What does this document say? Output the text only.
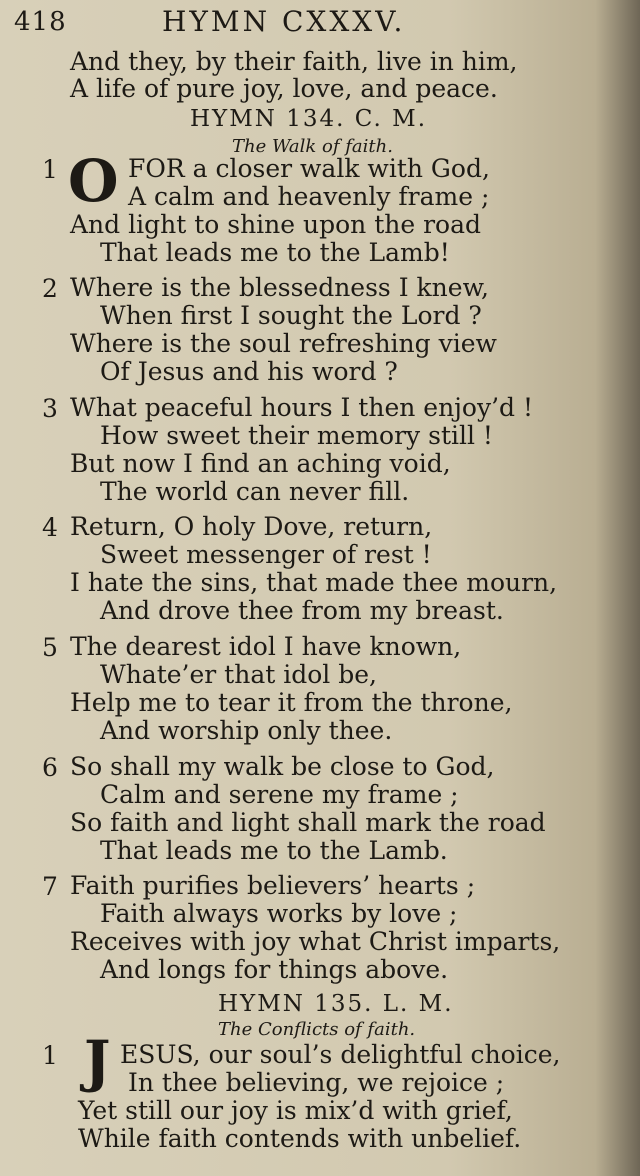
418	HYMN CXXXV.
And they, by their faith, live in him,
A life of pure joy, love, and peace.
HYMN 134. C. M.
The Walk of faith.
1 O FOR a closer walk with God,
A calm and heavenly frame ;
And light to shine upon the road
That leads me to the Lamb!
2 Where is the blessedness I knew,
When first I sought the Lord ?
Where is the soul refreshing view
Of Jesus and his word ?
3 What peaceful hours I then enjoy’d !
How sweet their memory still !
But now I find an aching void,
The world can never fill.
4 Return, O holy Dove, return,
Sweet messenger of rest !
I hate the sins, that made thee mourn,
And drove thee from my breast.
5 The dearest idol I have known,
Whate’er that idol be,
Help me to tear it from the throne,
And worship only thee.
6 So shall my walk be close to God,
Calm and serene my frame ;
So faith and light shall mark the road
That leads me to the Lamb.
7 Faith purifies believers’ hearts ;
Faith always works by love ;
Receives with joy what Christ imparts,
And longs for things above.
HYMN 135. L. M.
The Conflicts of faith.
1 J ESUS, our soul’s delightful choice,
In thee believing, we rejoice ;
Yet still our joy is mix’d with grief,
While faith contends with unbelief.
